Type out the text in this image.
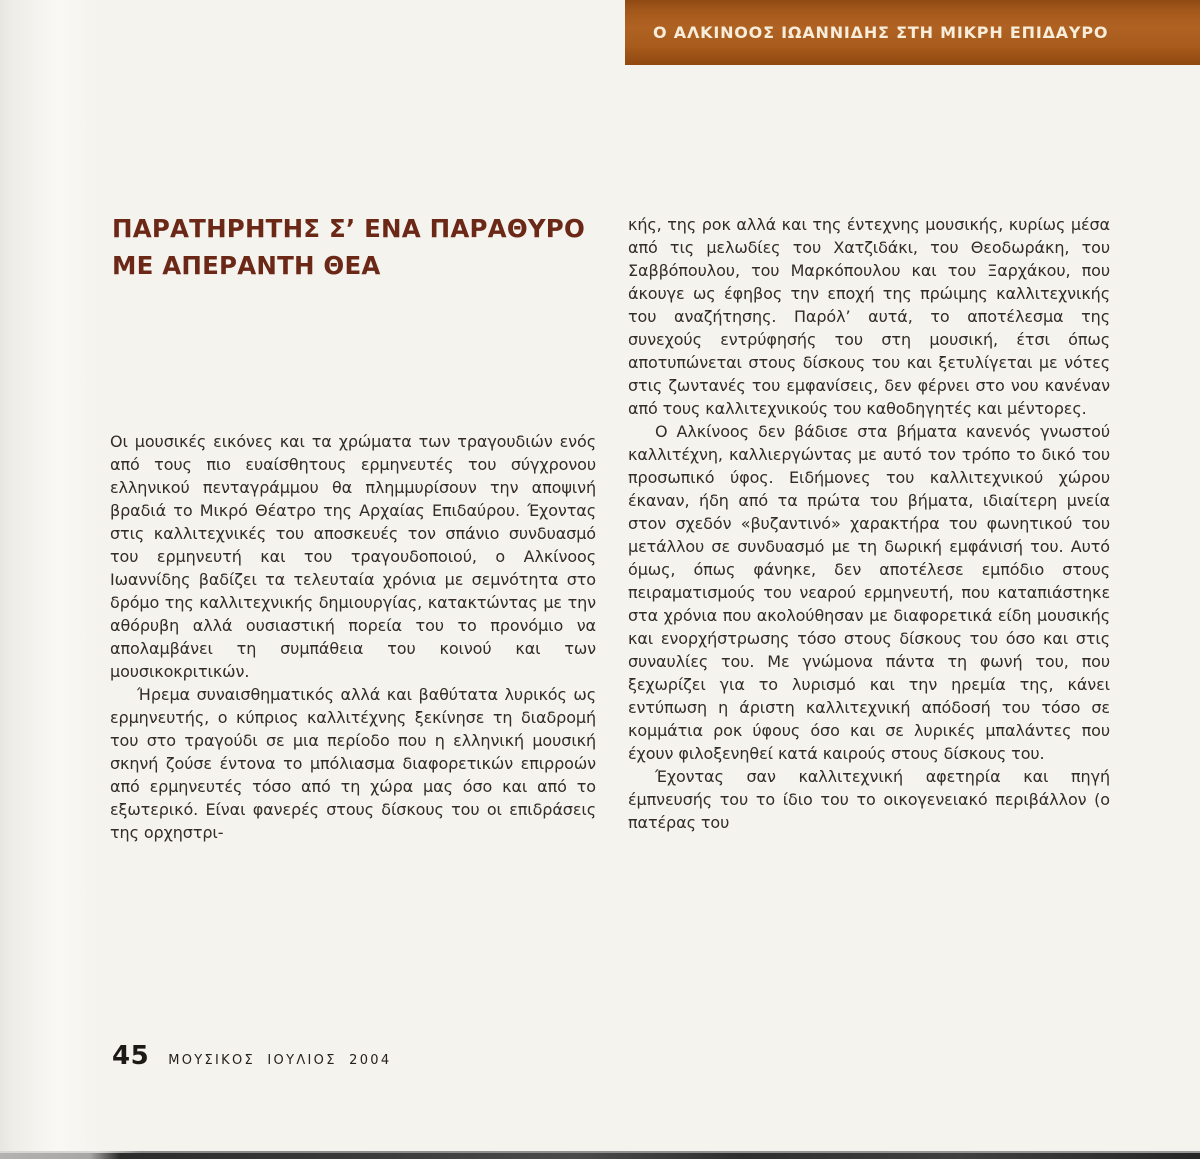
Ο ΑΛΚΙΝΟΟΣ ΙΩΑΝΝΙΔΗΣ ΣΤΗ ΜΙΚΡΗ ΕΠΙΔΑΥΡΟ
ΠΑΡΑΤΗΡΗΤΗΣ Σ’ ΕΝΑ ΠΑΡΑΘΥΡΟ
ΜΕ ΑΠΕΡΑΝΤΗ ΘΕΑ

Οι μουσικές εικόνες και τα χρώματα των τραγουδιών ενός από τους πιο ευαίσθητους ερμηνευτές του σύγχρονου ελληνικού πενταγράμμου θα πλημμυρίσουν την αποψινή βραδιά το Μικρό Θέατρο της Αρχαίας Επιδαύρου. Έχοντας στις καλλιτεχνικές του αποσκευές τον σπάνιο συνδυασμό του ερμηνευτή και του τραγουδοποιού, ο Αλκίνοος Ιωαννίδης βαδίζει τα τελευταία χρόνια με σεμνότητα στο δρόμο της καλλιτεχνικής δημιουργίας, κατακτώντας με την αθόρυβη αλλά ουσιαστική πορεία του το προνόμιο να απολαμβάνει τη συμπάθεια του κοινού και των μουσικοκριτικών.

Ήρεμα συναισθηματικός αλλά και βαθύτατα λυρικός ως ερμηνευτής, ο κύπριος καλλιτέχνης ξεκίνησε τη διαδρομή του στο τραγούδι σε μια περίοδο που η ελληνική μουσική σκηνή ζούσε έντονα το μπόλιασμα διαφορετικών επιρροών από ερμηνευτές τόσο από τη χώρα μας όσο και από το εξωτερικό. Είναι φανερές στους δίσκους του οι επιδράσεις της ορχηστρι-

κής, της ροκ αλλά και της έντεχνης μουσικής, κυρίως μέσα από τις μελωδίες του Χατζιδάκι, του Θεοδωράκη, του Σαββόπουλου, του Μαρκόπουλου και του Ξαρχάκου, που άκουγε ως έφηβος την εποχή της πρώιμης καλλιτεχνικής του αναζήτησης. Παρόλ’ αυτά, το αποτέλεσμα της συνεχούς εντρύφησής του στη μουσική, έτσι όπως αποτυπώνεται στους δίσκους του και ξετυλίγεται με νότες στις ζωντανές του εμφανίσεις, δεν φέρνει στο νου κανέναν από τους καλλιτεχνικούς του καθοδηγητές και μέντορες.

Ο Αλκίνοος δεν βάδισε στα βήματα κανενός γνωστού καλλιτέχνη, καλλιεργώντας με αυτό τον τρόπο το δικό του προσωπικό ύφος. Ειδήμονες του καλλιτεχνικού χώρου έκαναν, ήδη από τα πρώτα του βήματα, ιδιαίτερη μνεία στον σχεδόν «βυζαντινό» χαρακτήρα του φωνητικού του μετάλλου σε συνδυασμό με τη δωρική εμφάνισή του. Αυτό όμως, όπως φάνηκε, δεν αποτέλεσε εμπόδιο στους πειραματισμούς του νεαρού ερμηνευτή, που καταπιάστηκε στα χρόνια που ακολούθησαν με διαφορετικά είδη μουσικής και ενορχήστρωσης τόσο στους δίσκους του όσο και στις συναυλίες του. Με γνώμονα πάντα τη φωνή του, που ξεχωρίζει για το λυρισμό και την ηρεμία της, κάνει εντύπωση η άριστη καλλιτεχνική απόδοσή του τόσο σε κομμάτια ροκ ύφους όσο και σε λυρικές μπαλάντες που έχουν φιλοξενηθεί κατά καιρούς στους δίσκους του.

Έχοντας σαν καλλιτεχνική αφετηρία και πηγή έμπνευσής του το ίδιο του το οικογενειακό περιβάλλον (ο πατέρας του

45 ΜΟΥΣΙΚΟΣ ΙΟΥΛΙΟΣ 2004
